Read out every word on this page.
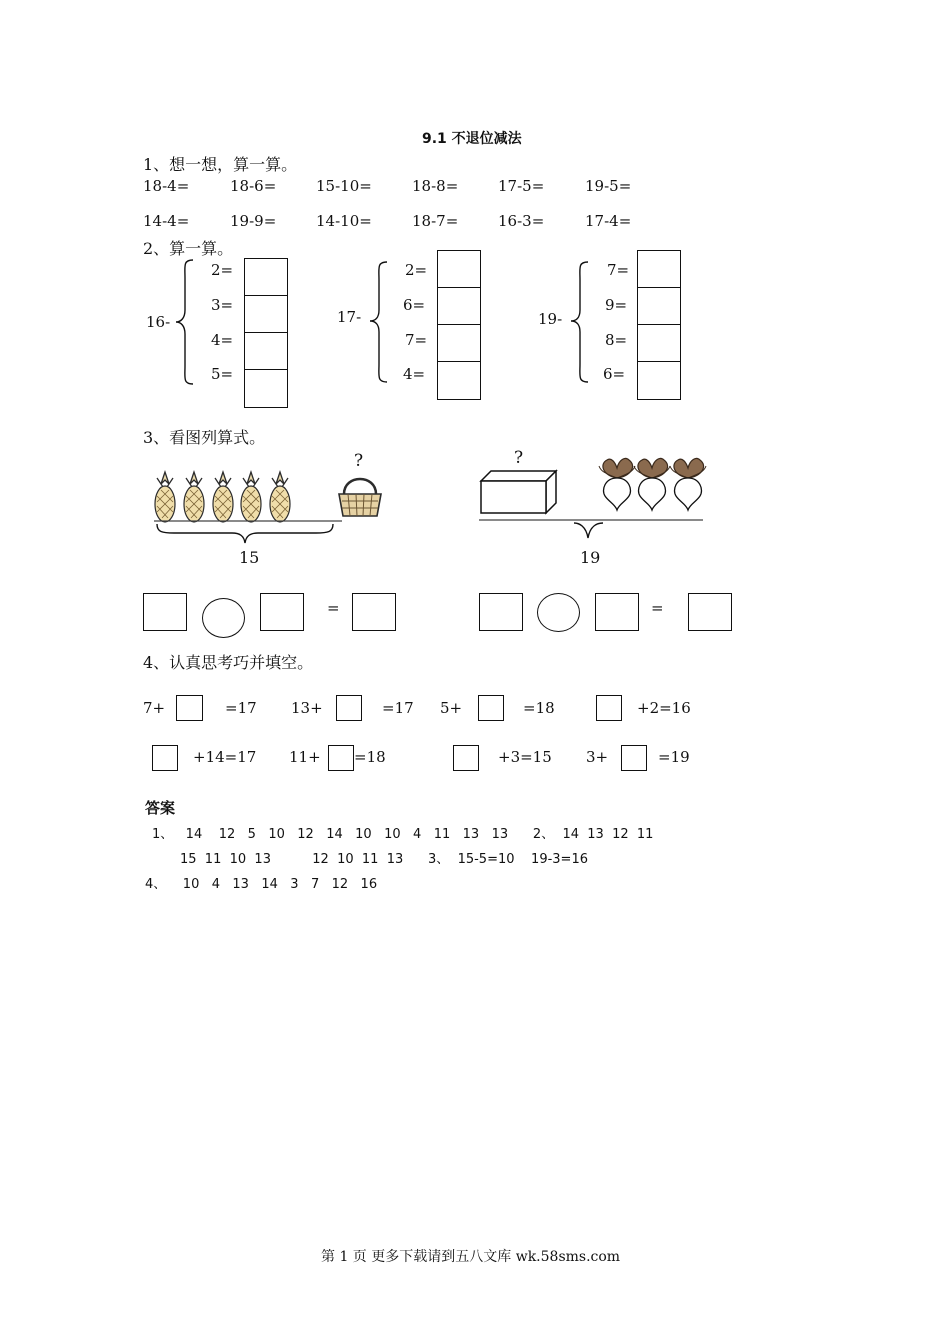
9.1 不退位减法
1、想一想，算一算。
18-4=	18-6=	15-10=	18-8=	17-5=	19-5=
14-4=	19-9=	14-10=	18-7=	16-3=	17-4=
2、算一算。
16-
2=
3=
4=
5=
17-
2=
6=
7=
4=
19-
7=
9=
8=
6=
3、看图列算式。
?
15
?
19
=	=
4、认真思考巧并填空。
7+	=17 13+	=17 5+	=18	+2=16
+14=17 11+ =18	+3=15 3+	=19
答案
1、   14    12   5   10   12   14   10   10   4   11   13   13      2、  14  13  12  11
15  11  10  13          12  10  11  13      3、  15-5=10    19-3=16
4、    10   4   13   14   3   7   12   16
第 1 页 更多下载请到五八文库 wk.58sms.com
